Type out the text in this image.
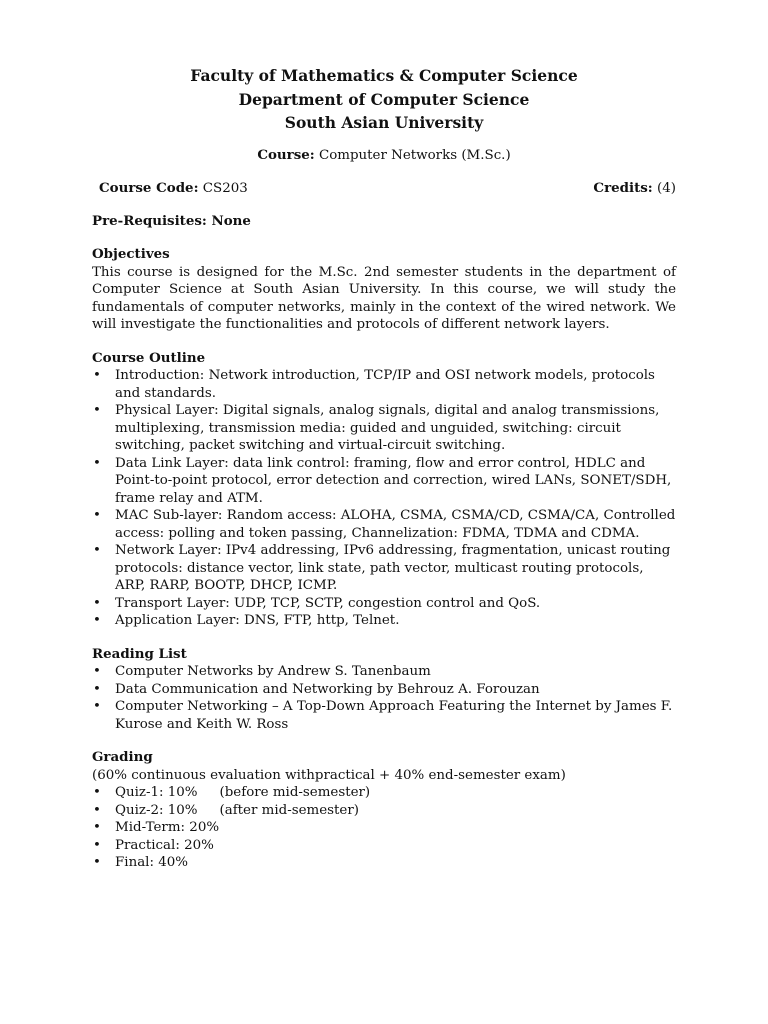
Faculty of Mathematics & Computer Science
Department of Computer Science
South Asian University
Course: Computer Networks (M.Sc.)
Course Code: CS203	Credits: (4)
Pre-Requisites: None
Objectives
This course is designed for the M.Sc. 2nd semester students in the department of Computer Science at South Asian University. In this course, we will study the fundamentals of computer networks, mainly in the context of the wired network. We will investigate the functionalities and protocols of different network layers.
Course Outline
• Introduction: Network introduction, TCP/IP and OSI network models, protocols and standards.
• Physical Layer: Digital signals, analog signals, digital and analog transmissions, multiplexing, transmission media: guided and unguided, switching: circuit switching, packet switching and virtual-circuit switching.
• Data Link Layer: data link control: framing, flow and error control, HDLC and Point-to-point protocol, error detection and correction, wired LANs, SONET/SDH, frame relay and ATM.
• MAC Sub-layer: Random access: ALOHA, CSMA, CSMA/CD, CSMA/CA, Controlled access: polling and token passing, Channelization: FDMA, TDMA and CDMA.
• Network Layer: IPv4 addressing, IPv6 addressing, fragmentation, unicast routing protocols: distance vector, link state, path vector, multicast routing protocols, ARP, RARP, BOOTP, DHCP, ICMP.
• Transport Layer: UDP, TCP, SCTP, congestion control and QoS.
• Application Layer: DNS, FTP, http, Telnet.
Reading List
• Computer Networks by Andrew S. Tanenbaum
• Data Communication and Networking by Behrouz A. Forouzan
• Computer Networking – A Top-Down Approach Featuring the Internet by James F. Kurose and Keith W. Ross
Grading
(60% continuous evaluation withpractical + 40% end-semester exam)
• Quiz-1: 10% (before mid-semester)
• Quiz-2: 10% (after mid-semester)
• Mid-Term: 20%
• Practical: 20%
• Final: 40%
